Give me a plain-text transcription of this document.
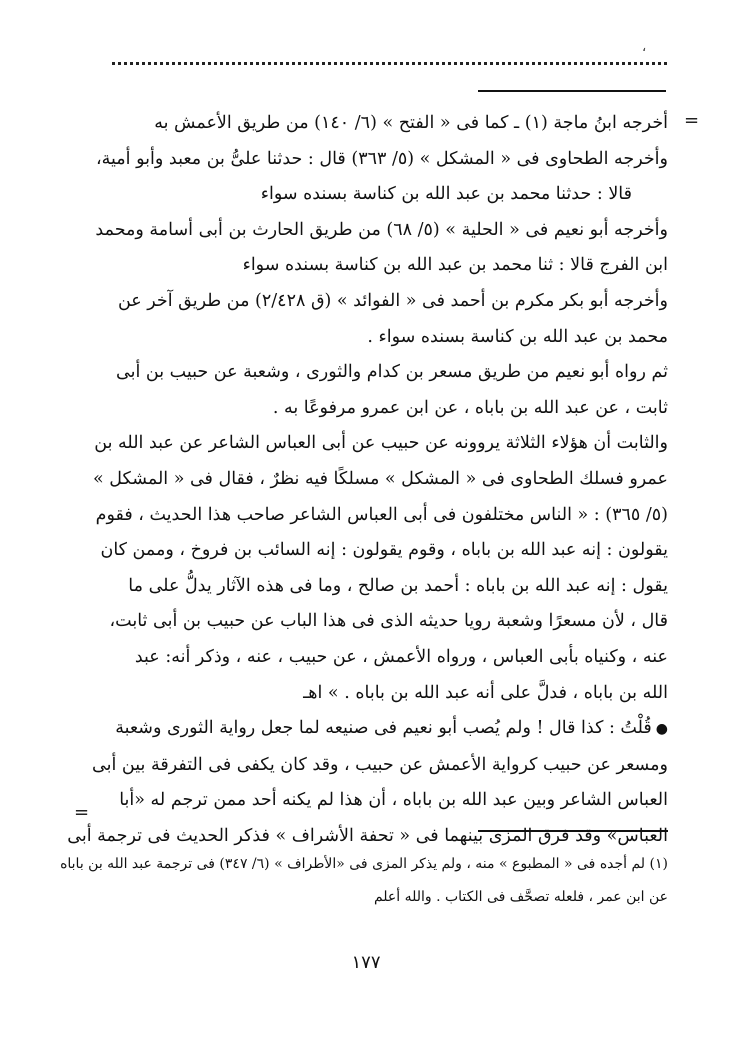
،
=
=
أخرجه ابنُ ماجة (١) ـ كما فى « الفتح » (٦/ ١٤٠) من طريق الأعمش به
وأخرجه الطحاوى فى « المشكل » (٥/ ٣٦٣) قال : حدثنا علىُّ بن معبد وأبو أمية،
قالا : حدثنا محمد بن عبد الله بن كناسة بسنده سواء
وأخرجه أبو نعيم فى « الحلية » (٥/ ٦٨) من طريق الحارث بن أبى أسامة ومحمد
ابن الفرج قالا : ثنا محمد بن عبد الله بن كناسة بسنده سواء
وأخرجه أبو بكر مكرم بن أحمد فى « الفوائد » (ق ٢/٤٢٨) من طريق آخر عن
محمد بن عبد الله بن كناسة بسنده سواء .
ثم رواه أبو نعيم من طريق مسعر بن كدام والثورى ، وشعبة عن حبيب بن أبى
ثابت ، عن عبد الله بن باباه ، عن ابن عمرو مرفوعًا به .
والثابت أن هؤلاء الثلاثة يروونه عن حبيب عن أبى العباس الشاعر عن عبد الله بن
عمرو فسلك الطحاوى فى « المشكل » مسلكًا فيه نظرٌ ، فقال فى « المشكل »
(٥/ ٣٦٥) : « الناس مختلفون فى أبى العباس الشاعر صاحب هذا الحديث ، فقوم
يقولون : إنه عبد الله بن باباه ، وقوم يقولون : إنه السائب بن فروخ ، وممن كان
يقول : إنه عبد الله بن باباه : أحمد بن صالح ، وما فى هذه الآثار يدلُّ على ما
قال ، لأن مسعرًا وشعبة رويا حديثه الذى فى هذا الباب عن حبيب بن أبى ثابت،
عنه ، وكنياه بأبى العباس ، ورواه الأعمش ، عن حبيب ، عنه ، وذكر أنه: عبد
الله بن باباه ، فدلَّ على أنه عبد الله بن باباه . » اهـ
●قُلْتُ : كذا قال ! ولم يُصب أبو نعيم فى صنيعه لما جعل رواية الثورى وشعبة
ومسعر عن حبيب كرواية الأعمش عن حبيب ، وقد كان يكفى فى التفرقة بين أبى
العباس الشاعر وبين عبد الله بن باباه ، أن هذا لم يكنه أحد ممن ترجم له «أبا
العباس» وقد فرق المزى بينهما فى « تحفة الأشراف » فذكر الحديث فى ترجمة أبى
(١) لم أجده فى « المطبوع » منه ، ولم يذكر المزى فى «الأطراف » (٦/ ٣٤٧) فى ترجمة عبد الله بن باباه
عن ابن عمر ، فلعله تصحَّف فى الكتاب . والله أعلم
١٧٧
